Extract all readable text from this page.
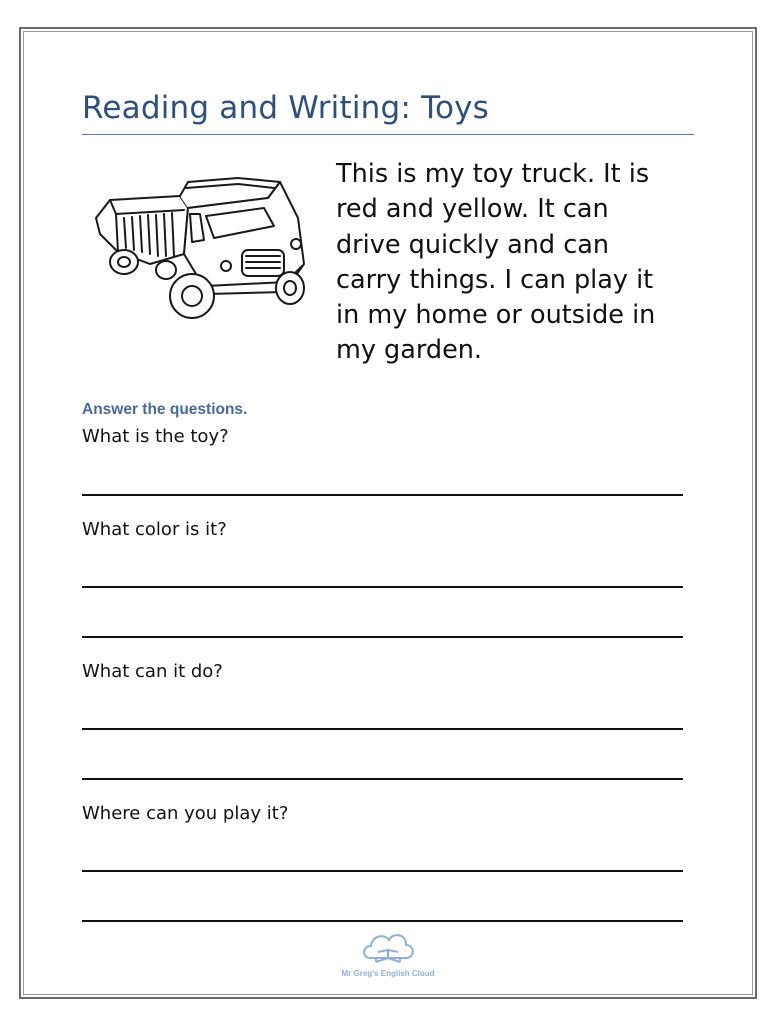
Reading and Writing: Toys
This is my toy truck. It is
red and yellow. It can
drive quickly and can
carry things. I can play it
in my home or outside in
my garden.
Answer the questions.
What is the toy?
What color is it?
What can it do?
Where can you play it?
Mr Greg's English Cloud
